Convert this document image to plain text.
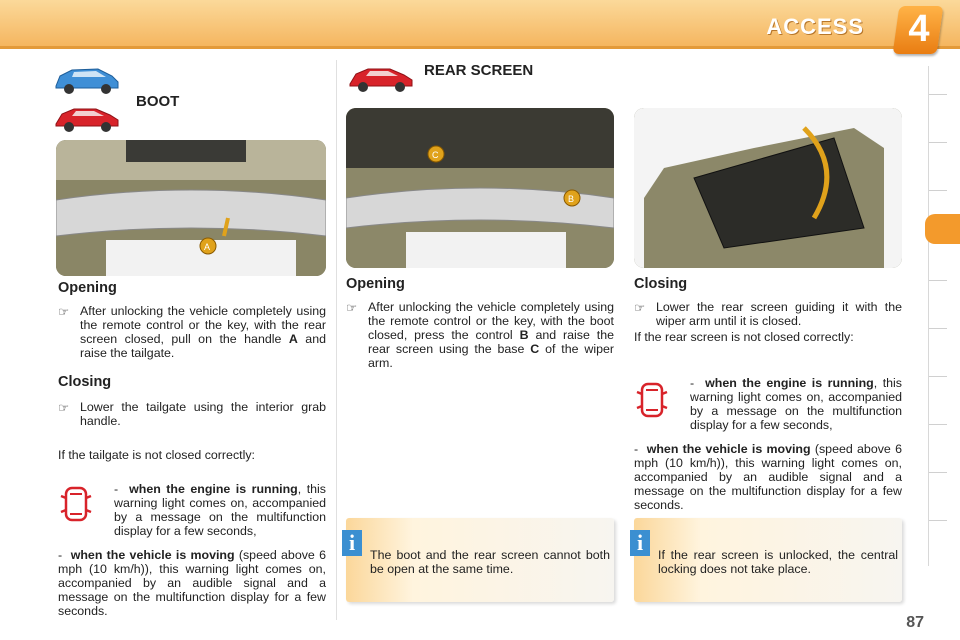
ACCESS 4
BOOT
A
Opening
☞ After unlocking the vehicle completely using the remote control or the key, with the rear screen closed, pull on the handle A and raise the tailgate.
Closing
☞ Lower the tailgate using the interior grab handle.
If the tailgate is not closed correctly:
-  when the engine is running, this warning light comes on, accompanied by a message on the multifunction display for a few seconds,
-  when the vehicle is moving (speed above 6 mph (10 km/h)), this warning light comes on, accompanied by an audible signal and a message on the multifunction display for a few seconds.
REAR SCREEN
C
B
Opening
☞ After unlocking the vehicle completely using the remote control or the key, with the boot closed, press the control B and raise the rear screen using the base C of the wiper arm.
Closing
☞ Lower the rear screen guiding it with the wiper arm until it is closed.
If the rear screen is not closed correctly:
-  when the engine is running, this warning light comes on, accompanied by a message on the multifunction display for a few seconds,
-  when the vehicle is moving (speed above 6 mph (10 km/h)), this warning light comes on, accompanied by an audible signal and a message on the multifunction display for a few seconds.
i	The boot and the rear screen cannot both be open at the same time.
i	If the rear screen is unlocked, the central locking does not take place.
87
